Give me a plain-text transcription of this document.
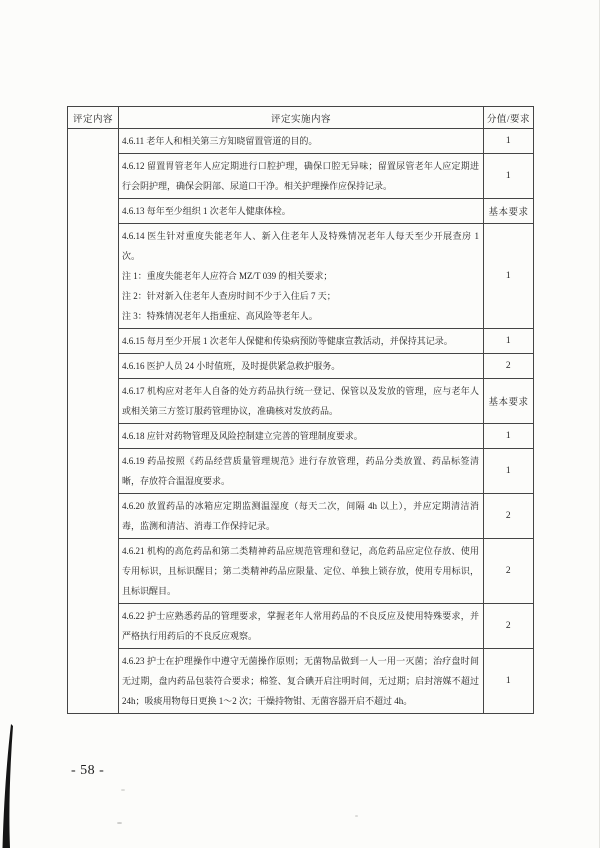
评定内容	评定实施内容	分值/要求

	4.6.11 老年人和相关第三方知晓留置管道的目的。	1

	4.6.12 留置胃管老年人应定期进行口腔护理，确保口腔无异味；留置尿管老年人应定期进行会阴护理，确保会阴部、尿道口干净。相关护理操作应保持记录。	1

	4.6.13 每年至少组织 1 次老年人健康体检。	基本要求

	4.6.14 医生针对重度失能老年人、新入住老年人及特殊情况老年人每天至少开展查房 1 次。
注 1：重度失能老年人应符合 MZ/T 039 的相关要求；
注 2：针对新入住老年人查房时间不少于入住后 7 天；
注 3：特殊情况老年人指重症、高风险等老年人。	1

	4.6.15 每月至少开展 1 次老年人保健和传染病预防等健康宣教活动，并保持其记录。	1

	4.6.16 医护人员 24 小时值班，及时提供紧急救护服务。	2

	4.6.17 机构应对老年人自备的处方药品执行统一登记、保管以及发放的管理，应与老年人或相关第三方签订服药管理协议，准确核对发放药品。	基本要求

	4.6.18 应针对药物管理及风险控制建立完善的管理制度要求。	1

	4.6.19 药品按照《药品经营质量管理规范》进行存放管理，药品分类放置、药品标签清晰，存放符合温湿度要求。	1

	4.6.20 放置药品的冰箱应定期监测温湿度（每天二次，间隔 4h 以上），并应定期清洁消毒，监测和清洁、消毒工作保持记录。	2

	4.6.21 机构的高危药品和第二类精神药品应规范管理和登记，高危药品应定位存放、使用专用标识，且标识醒目；第二类精神药品应限量、定位、单独上锁存放，使用专用标识，且标识醒目。	2

	4.6.22 护士应熟悉药品的管理要求，掌握老年人常用药品的不良反应及使用特殊要求，并严格执行用药后的不良反应观察。	2

	4.6.23 护士在护理操作中遵守无菌操作原则；无菌物品做到一人一用一灭菌；治疗盘时间无过期，盘内药品包装符合要求；棉签、复合碘开启注明时间，无过期；启封溶媒不超过 24h；吸痰用物每日更换 1～2 次；干燥持物钳、无菌容器开启不超过 4h。	1
- 58 -
